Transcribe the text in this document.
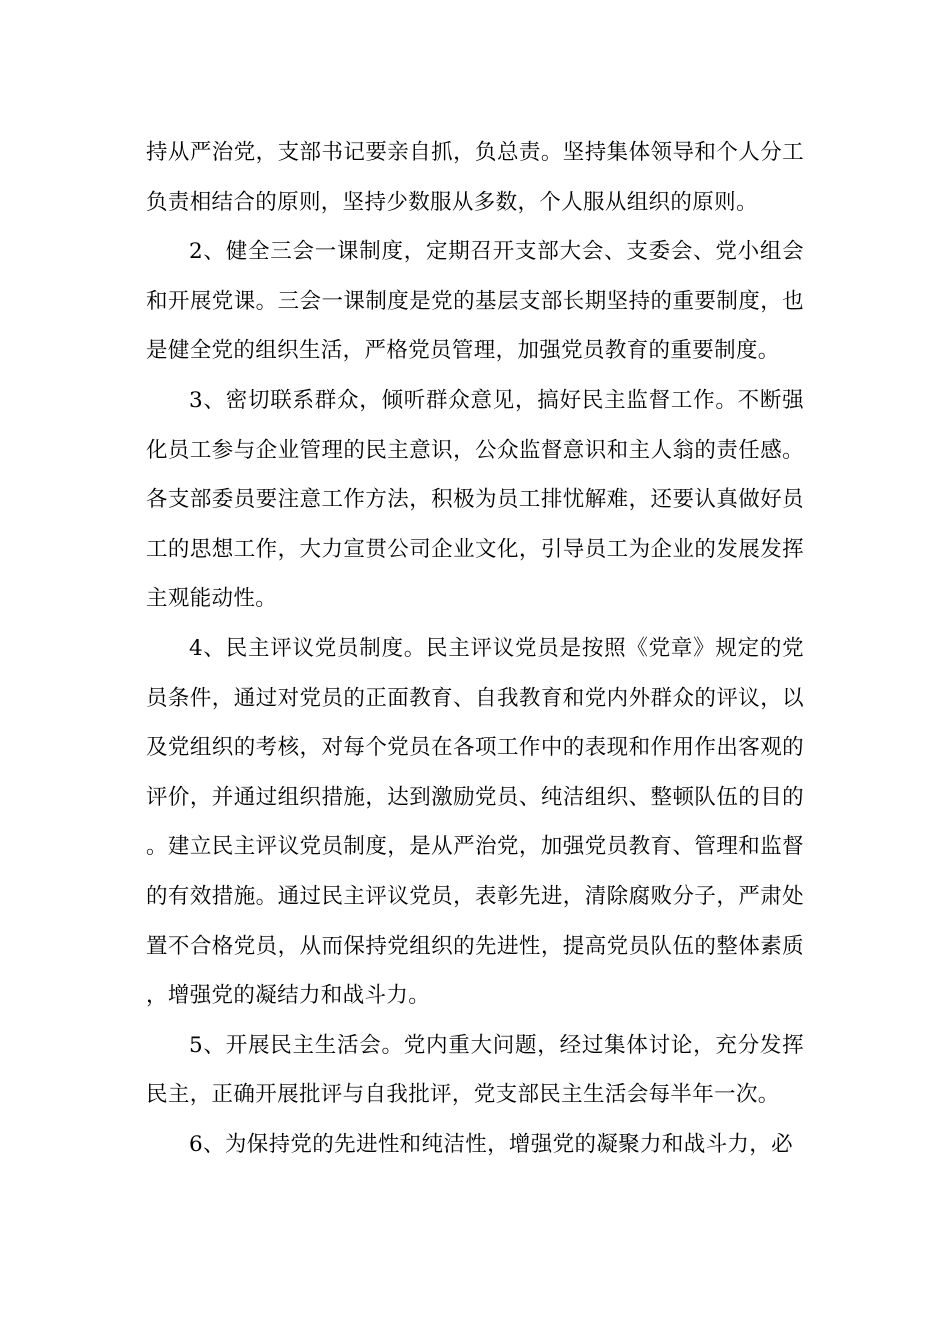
持从严治党，支部书记要亲自抓，负总责。坚持集体领导和个人分工负责相结合的原则，坚持少数服从多数，个人服从组织的原则。

2、健全三会一课制度，定期召开支部大会、支委会、党小组会和开展党课。三会一课制度是党的基层支部长期坚持的重要制度，也是健全党的组织生活，严格党员管理，加强党员教育的重要制度。

3、密切联系群众，倾听群众意见，搞好民主监督工作。不断强化员工参与企业管理的民主意识，公众监督意识和主人翁的责任感。各支部委员要注意工作方法，积极为员工排忧解难，还要认真做好员工的思想工作，大力宣贯公司企业文化，引导员工为企业的发展发挥主观能动性。

4、民主评议党员制度。民主评议党员是按照《党章》规定的党员条件，通过对党员的正面教育、自我教育和党内外群众的评议，以及党组织的考核，对每个党员在各项工作中的表现和作用作出客观的评价，并通过组织措施，达到激励党员、纯洁组织、整顿队伍的目的。建立民主评议党员制度，是从严治党，加强党员教育、管理和监督的有效措施。通过民主评议党员，表彰先进，清除腐败分子，严肃处置不合格党员，从而保持党组织的先进性，提高党员队伍的整体素质，增强党的凝结力和战斗力。

5、开展民主生活会。党内重大问题，经过集体讨论，充分发挥民主，正确开展批评与自我批评，党支部民主生活会每半年一次。

6、为保持党的先进性和纯洁性，增强党的凝聚力和战斗力，必
